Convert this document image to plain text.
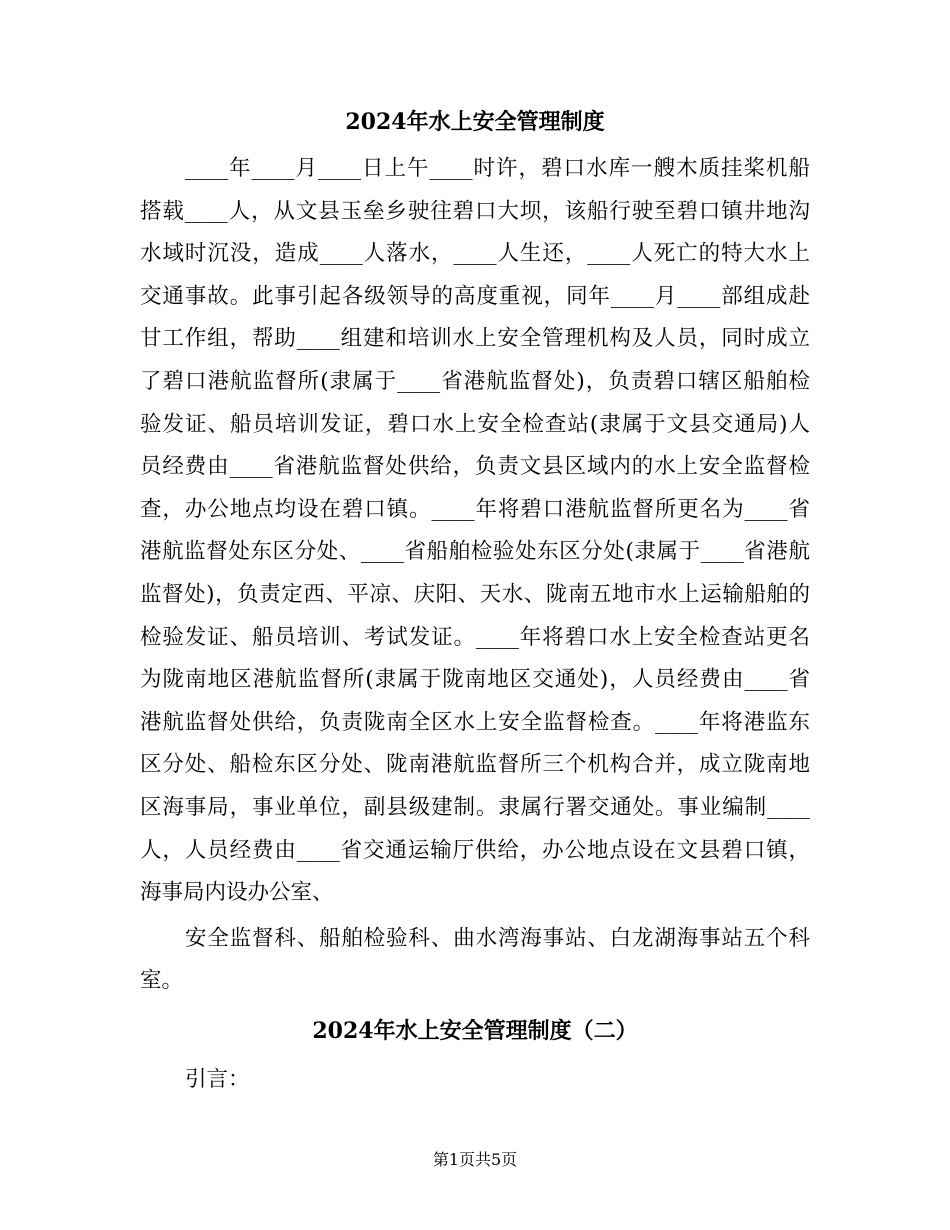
2024年水上安全管理制度
____年____月____日上午____时许，碧口水库一艘木质挂桨机船
搭载____人，从文县玉垒乡驶往碧口大坝，该船行驶至碧口镇井地沟
水域时沉没，造成____人落水，____人生还，____人死亡的特大水上
交通事故。此事引起各级领导的高度重视，同年____月____部组成赴
甘工作组，帮助____组建和培训水上安全管理机构及人员，同时成立
了碧口港航监督所(隶属于____省港航监督处)，负责碧口辖区船舶检
验发证、船员培训发证，碧口水上安全检查站(隶属于文县交通局)人
员经费由____省港航监督处供给，负责文县区域内的水上安全监督检
查，办公地点均设在碧口镇。____年将碧口港航监督所更名为____省
港航监督处东区分处、____省船舶检验处东区分处(隶属于____省港航
监督处)，负责定西、平凉、庆阳、天水、陇南五地市水上运输船舶的
检验发证、船员培训、考试发证。____年将碧口水上安全检查站更名
为陇南地区港航监督所(隶属于陇南地区交通处)，人员经费由____省
港航监督处供给，负责陇南全区水上安全监督检查。____年将港监东
区分处、船检东区分处、陇南港航监督所三个机构合并，成立陇南地
区海事局，事业单位，副县级建制。隶属行署交通处。事业编制____
人，人员经费由____省交通运输厅供给，办公地点设在文县碧口镇，
海事局内设办公室、
安全监督科、船舶检验科、曲水湾海事站、白龙湖海事站五个科
室。
2024年水上安全管理制度（二）
引言：
第1页共5页
